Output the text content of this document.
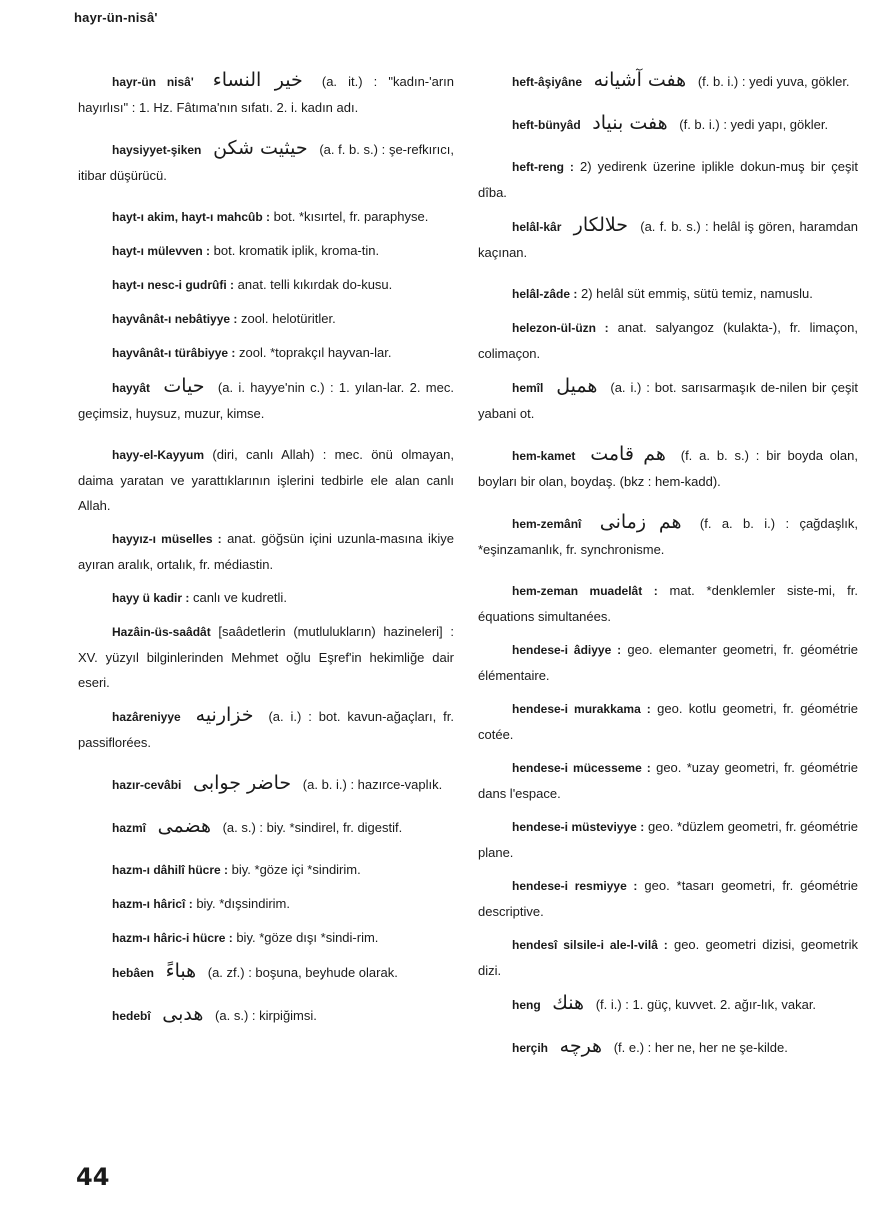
hayr-ün-nisâ'

hayr-ün nisâ' خير النساء (a. it.) : "kadın-'arın hayırlısı" : 1. Hz. Fâtıma'nın sıfatı. 2. i. kadın adı.

haysiyyet-şiken حيثيت شكن (a. f. b. s.) : şe-refkırıcı, itibar düşürücü.

hayt-ı akim, hayt-ı mahcûb : bot. *kısırtel, fr. paraphyse.

hayt-ı mülevven : bot. kromatik iplik, kroma-tin.

hayt-ı nesc-i gudrûfi : anat. telli kıkırdak do-kusu.

hayvânât-ı nebâtiyye : zool. helotüritler.

hayvânât-ı türâbiyye : zool. *toprakçıl hayvan-lar.

hayyât حيات (a. i. hayye'nin c.) : 1. yılan-lar. 2. mec. geçimsiz, huysuz, muzur, kimse.

hayy-el-Kayyum (diri, canlı Allah) : mec. önü olmayan, daima yaratan ve yarattıklarının işlerini tedbirle ele alan canlı Allah.

hayyız-ı müselles : anat. göğsün içini uzunla-masına ikiye ayıran aralık, ortalık, fr. médiastin.

hayy ü kadir : canlı ve kudretli.

Hazâin-üs-saâdât [saâdetlerin (mutlulukların) hazineleri] : XV. yüzyıl bilginlerinden Mehmet oğlu Eşref'in hekimliğe dair eseri.

hazâreniyye خزارنيه (a. i.) : bot. kavun-ağaçları, fr. passiflorées.

hazır-cevâbi حاضر جوابى (a. b. i.) : hazırce-vaplık.

hazmî هضمى (a. s.) : biy. *sindirel, fr. digestif.

hazm-ı dâhilî hücre : biy. *göze içi *sindirim.

hazm-ı hâricî : biy. *dışsindirim.

hazm-ı hâric-i hücre : biy. *göze dışı *sindi-rim.

hebâen هباءً (a. zf.) : boşuna, beyhude olarak.

hedebî هدبى (a. s.) : kirpiğimsi.

heft-âşiyâne هفت آشيانه (f. b. i.) : yedi yuva, gökler.

heft-bünyâd هفت بنياد (f. b. i.) : yedi yapı, gökler.

heft-reng : 2) yedirenk üzerine iplikle dokun-muş bir çeşit dîba.

helâl-kâr حلالكار (a. f. b. s.) : helâl iş gören, haramdan kaçınan.

helâl-zâde : 2) helâl süt emmiş, sütü temiz, namuslu.

helezon-ül-üzn : anat. salyangoz (kulakta-), fr. limaçon, colimaçon.

hemîl هميل (a. i.) : bot. sarısarmaşık de-nilen bir çeşit yabani ot.

hem-kamet هم قامت (f. a. b. s.) : bir boyda olan, boyları bir olan, boydaş. (bkz : hem-kadd).

hem-zemânî هم زمانى (f. a. b. i.) : çağdaşlık, *eşinzamanlık, fr. synchronisme.

hem-zeman muadelât : mat. *denklemler siste-mi, fr. équations simultanées.

hendese-i âdiyye : geo. elemanter geometri, fr. géométrie élémentaire.

hendese-i murakkama : geo. kotlu geometri, fr. géométrie cotée.

hendese-i mücesseme : geo. *uzay geometri, fr. géométrie dans l'espace.

hendese-i müsteviyye : geo. *düzlem geometri, fr. géométrie plane.

hendese-i resmiyye : geo. *tasarı geometri, fr. géométrie descriptive.

hendesî silsile-i ale-l-vilâ : geo. geometri dizisi, geometrik dizi.

heng هنك (f. i.) : 1. güç, kuvvet. 2. ağır-lık, vakar.

herçih هرچه (f. e.) : her ne, her ne şe-kilde.

44
